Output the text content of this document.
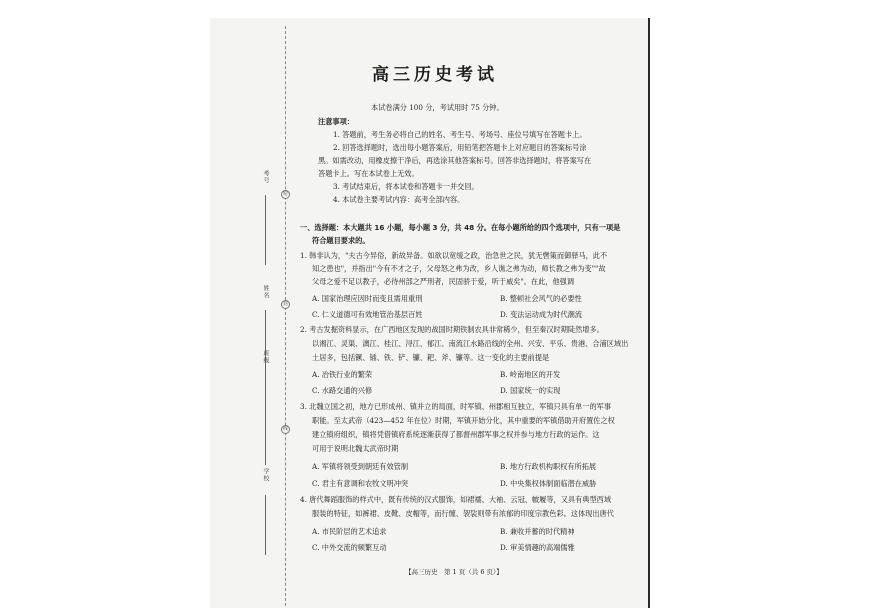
考号
姓名
班级
学校
密
封
线
高三历史考试
本试卷满分 100 分，考试用时 75 分钟。
注意事项：
1. 答题前，考生务必将自己的姓名、考生号、考场号、座位号填写在答题卡上。
2. 回答选择题时，选出每小题答案后，用铅笔把答题卡上对应题目的答案标号涂
黑。如需改动，用橡皮擦干净后，再选涂其他答案标号。回答非选择题时，将答案写在
答题卡上。写在本试卷上无效。
3. 考试结束后，将本试卷和答题卡一并交回。
4. 本试卷主要考试内容：高考全部内容。
一、选择题：本大题共 16 小题，每小题 3 分，共 48 分。在每小题所给的四个选项中，只有一项是
符合题目要求的。
1. 韩非认为，"夫古今异俗，新故异备。如欲以宽缓之政，治急世之民，犹无辔策而御驿马，此不
知之患也"，并指出"今有不才之子，父母怒之弗为改，乡人谯之弗为动，师长教之弗为变""故
父母之爱不足以教子，必待州部之严刑者，民固骄于爱，听于威矣"。在此，他强调
A. 国家治理应因时而变且需用重刑	B. 整顿社会风气的必要性
C. 仁义道德可有效地管治基层百姓	D. 变法运动成为时代潮流
2. 考古发掘资料显示，在广西地区发现的战国时期铁制农具非常稀少，但至秦汉时期陡然增多。
以湘江、灵渠、漓江、桂江、浔江、郁江、南流江水路沿线的全州、兴安、平乐、贵港、合浦区域出
土居多，包括镢、锸、铁、铲、镰、耙、斧、镰等。这一变化的主要前提是
A. 冶铁行业的繁荣	B. 岭南地区的开发
C. 水路交通的兴修	D. 国家统一的实现
3. 北魏立国之初，地方已形成州、镇并立的局面，时军镇、州郡相互独立，军镇只具有单一的军事
职能。至太武帝（423—452 年在位）时期，军镇开始分化，其中重要的军镇借助开府置佐之权
建立镇府组织，镇将凭借镇府系统逐渐获得了都督州郡军事之权并参与地方行政的运作。这
可用于说明北魏太武帝时期
A. 军镇将领受到朝廷有效管制	B. 地方行政机构职权有所拓展
C. 君主有意调和农牧文明冲突	D. 中央集权体制面临潜在威胁
4. 唐代舞蹈服饰的样式中，既有传统的汉式服饰，如裙襦、大袖、云冠、帔履等，又具有典型西域
服装的特征，如裤裙、皮靴、皮帽等，而行缠、袈裟则带有浓郁的印度宗教色彩。这体现出唐代
A. 市民阶层的艺术追求	B. 兼收并蓄的时代精神
C. 中外交流的频繁互动	D. 审美情趣的高端儒雅
【高三历史　第 1 页（共 6 页）】
